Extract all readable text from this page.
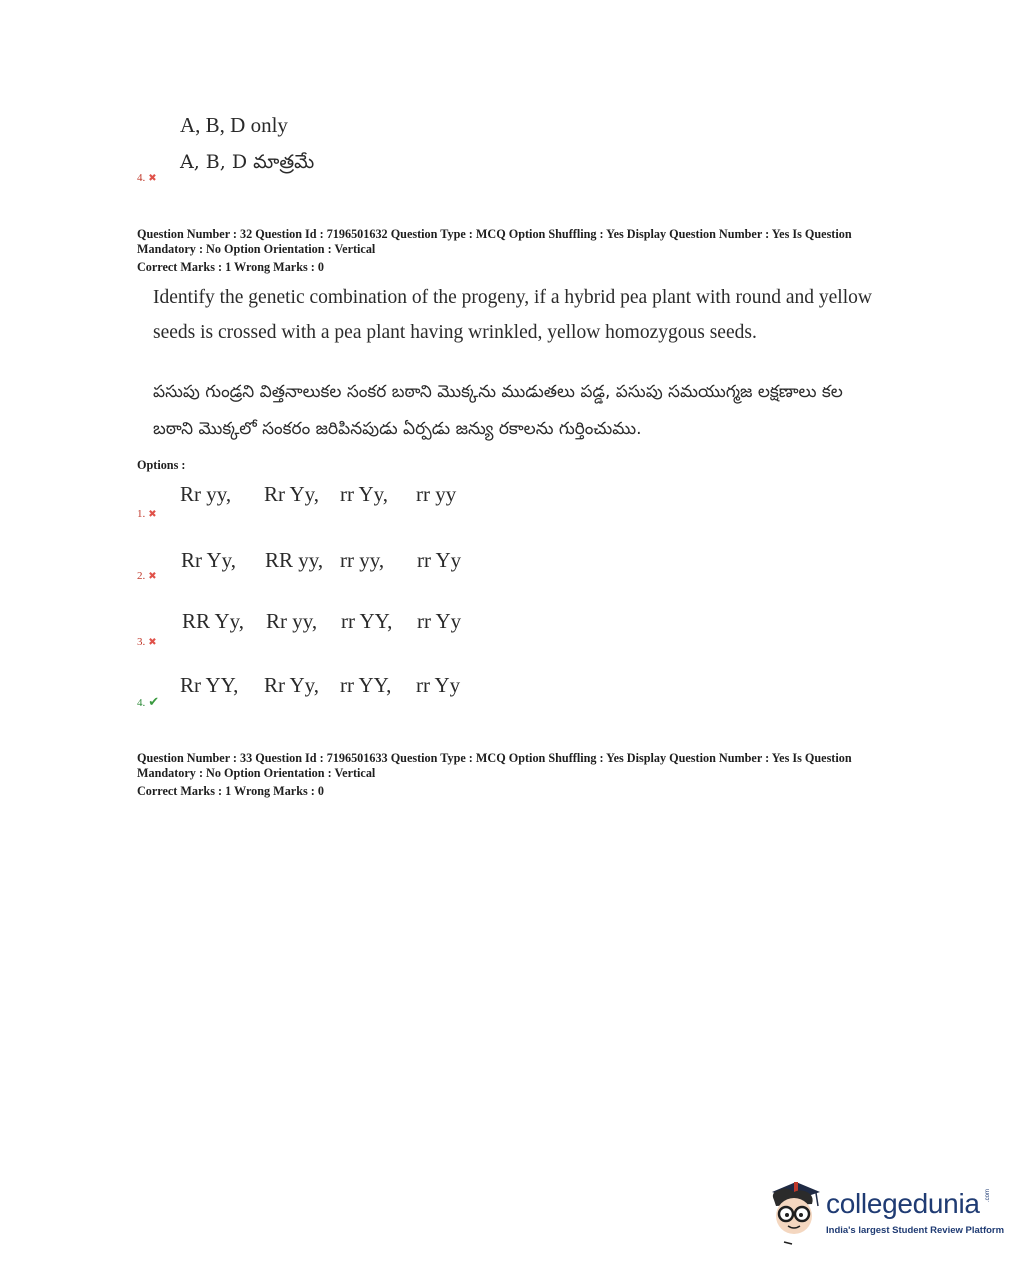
A, B, D only
A, B, D మాత్రమే
4. ✖
Question Number : 32 Question Id : 7196501632 Question Type : MCQ Option Shuffling : Yes Display Question Number : Yes Is Question
Mandatory : No Option Orientation : Vertical
Correct Marks : 1 Wrong Marks : 0
Identify the genetic combination of the progeny, if a hybrid pea plant with round and yellow
seeds is crossed with a pea plant having wrinkled, yellow homozygous seeds.
పసుపు గుండ్రని విత్తనాలుకల సంకర బఠాని మొక్కను ముడుతలు పడ్డ, పసుపు సమయుగ్మజ లక్షణాలు కల
బఠాని మొక్కలో సంకరం జరిపినపుడు ఏర్పడు జన్యు రకాలను గుర్తించుము.
Options :
Rr yy, Rr Yy, rr Yy, rr yy
1. ✖
Rr Yy, RR yy, rr yy, rr Yy
2. ✖
RR Yy, Rr yy, rr YY, rr Yy
3. ✖
Rr YY, Rr Yy, rr YY, rr Yy
4. ✔
Question Number : 33 Question Id : 7196501633 Question Type : MCQ Option Shuffling : Yes Display Question Number : Yes Is Question
Mandatory : No Option Orientation : Vertical
Correct Marks : 1 Wrong Marks : 0
collegedunia .com
India's largest Student Review Platform
